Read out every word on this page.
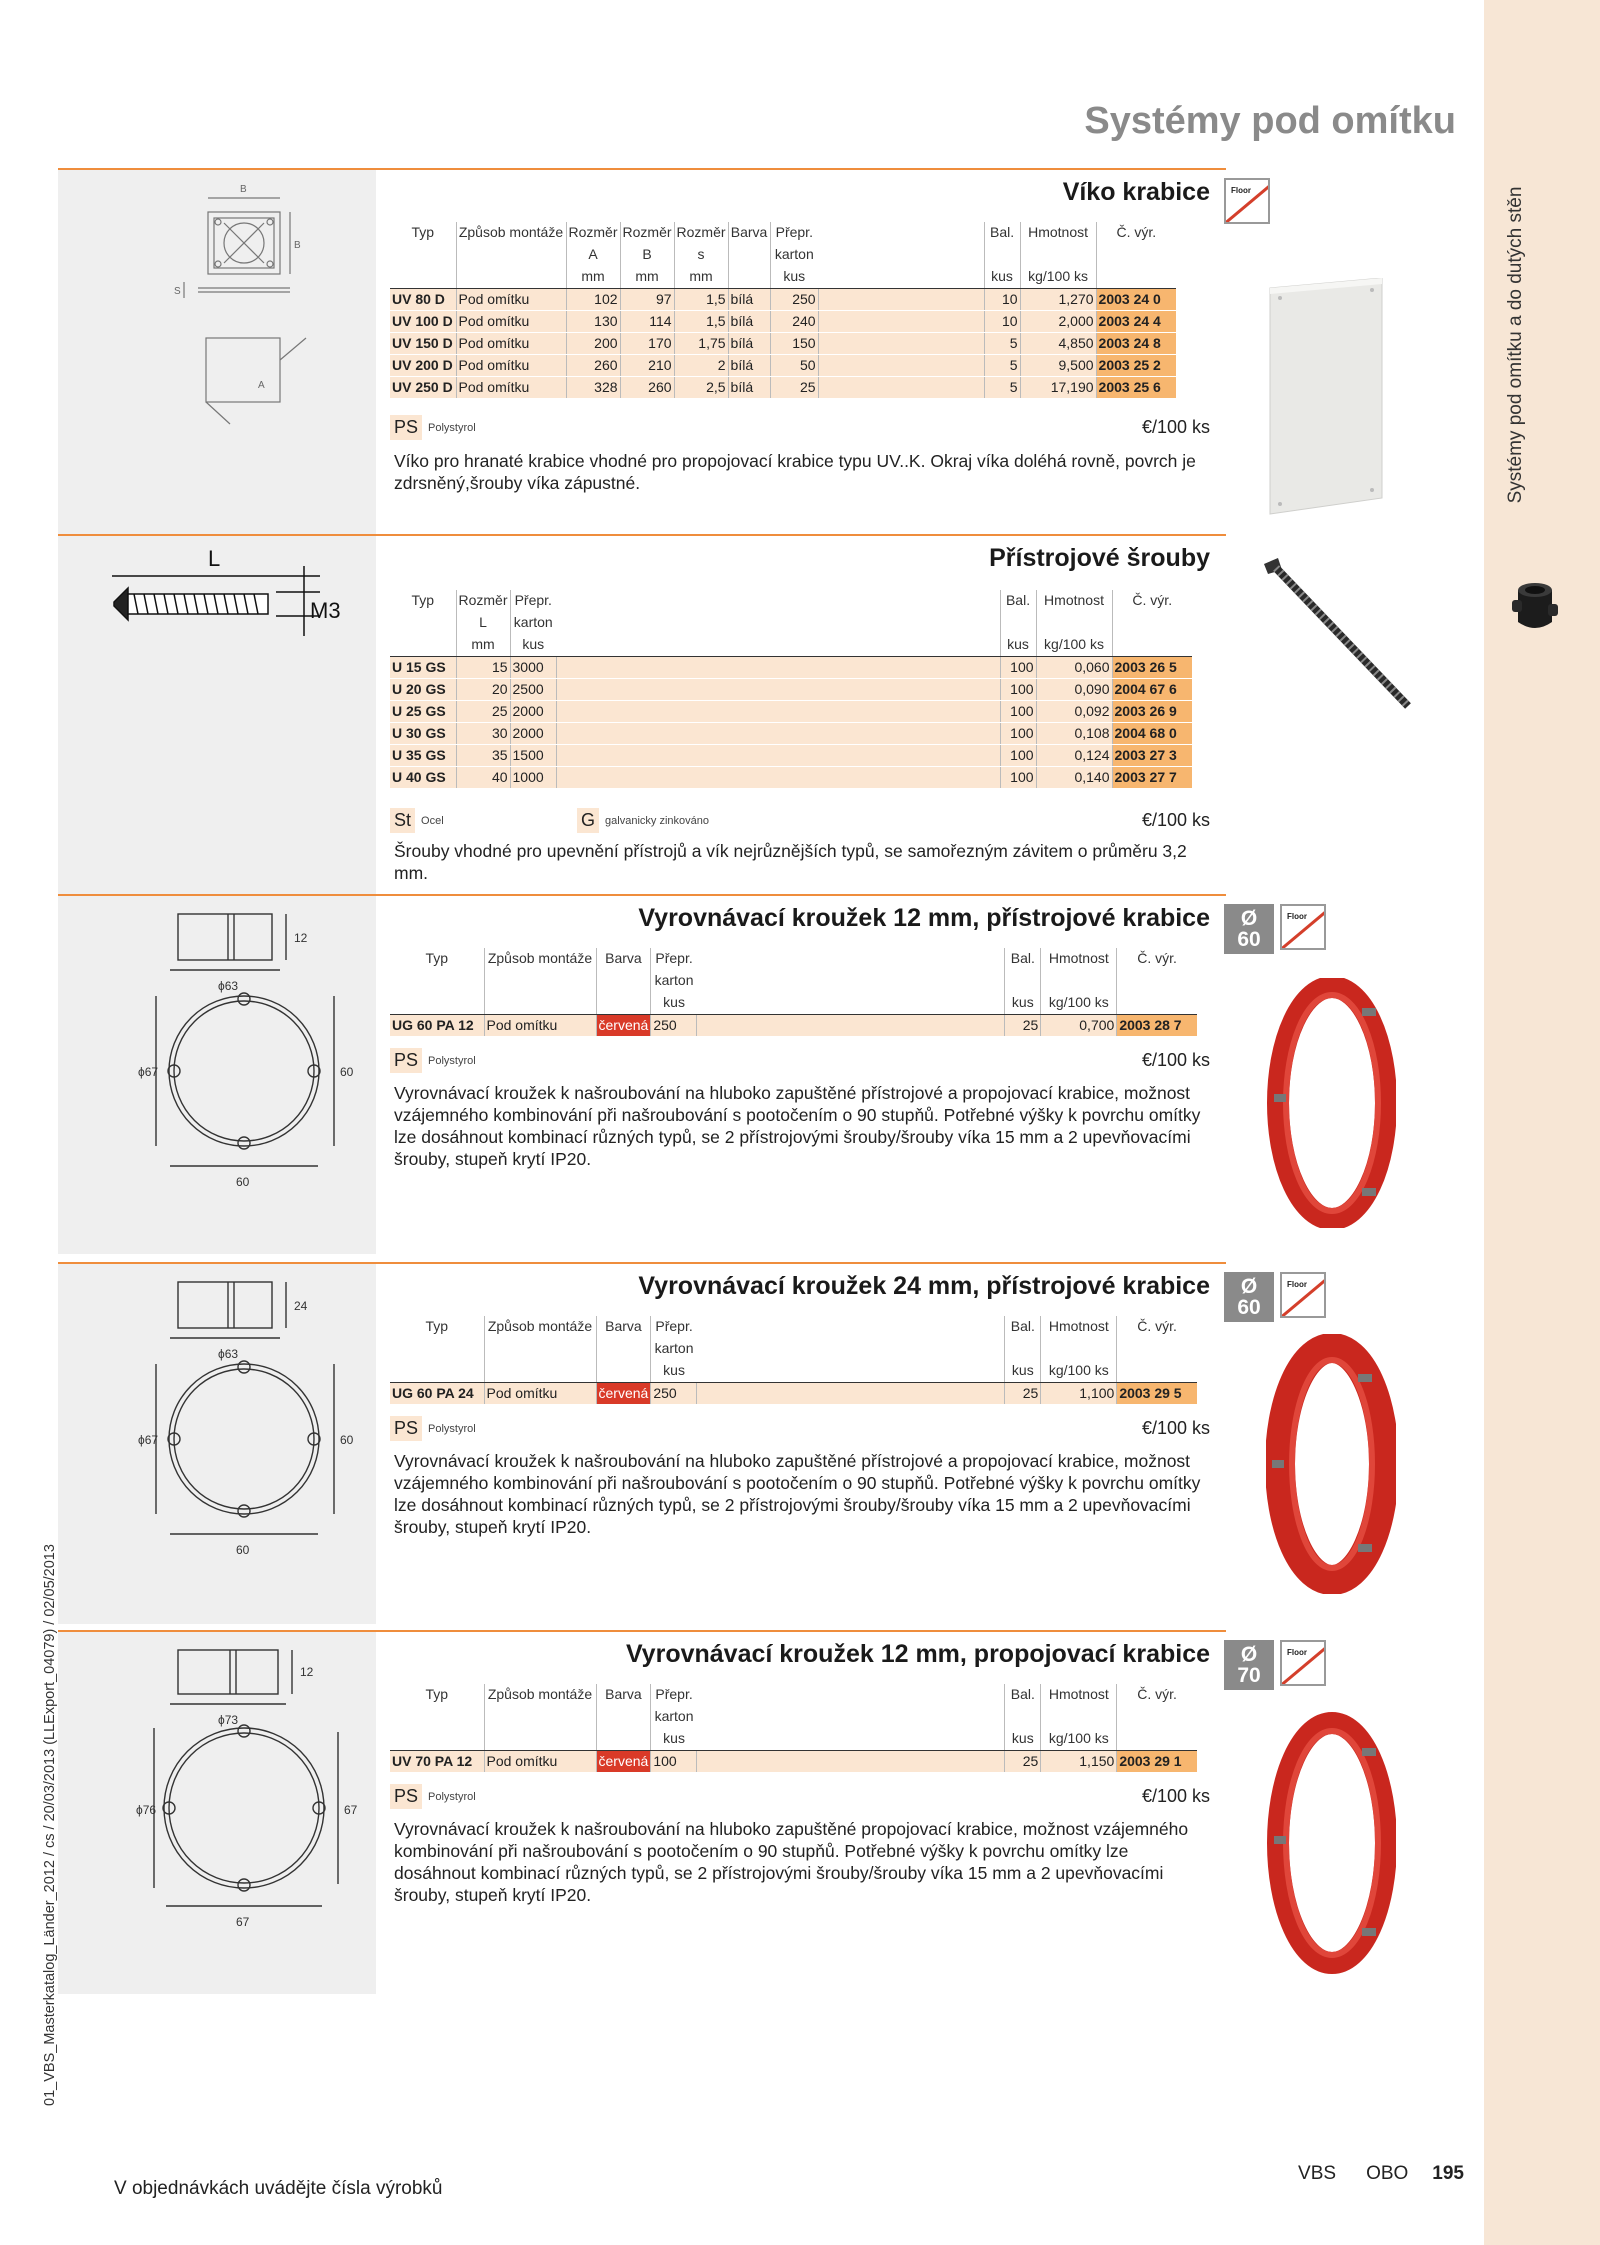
Systémy pod omítku a do dutých stěn
Systémy pod omítku
01_VBS_Masterkatalog_Länder_2012 / cs / 20/03/2013 (LLExport_04079) / 02/05/2013
B
B
S
A
Víko krabice
Typ	Způsob montáže	Rozměr	Rozměr	Rozměr	Barva	Přepr.		Bal.	Hmotnost	Č. výr.
		A	B	s		karton				
		mm	mm	mm		kus		kus	kg/100 ks	
UV 80 D	Pod omítku	102	97	1,5	bílá	250		10	1,270	2003 24 0
UV 100 D	Pod omítku	130	114	1,5	bílá	240		10	2,000	2003 24 4
UV 150 D	Pod omítku	200	170	1,75	bílá	150		5	4,850	2003 24 8
UV 200 D	Pod omítku	260	210	2	bílá	50		5	9,500	2003 25 2
UV 250 D	Pod omítku	328	260	2,5	bílá	25		5	17,190	2003 25 6
PS Polystyrol	€/100 ks
Víko pro hranaté krabice vhodné pro propojovací krabice typu UV..K. Okraj víka doléhá rovně, povrch je zdrsněný,šrouby víka zápustné.
Floor
L
M3
Přístrojové šrouby
Typ	Rozměr	Přepr.		Bal.	Hmotnost	Č. výr.
	L	karton				
	mm	kus		kus	kg/100 ks	
U 15 GS	15	3000		100	0,060	2003 26 5
U 20 GS	20	2500		100	0,090	2004 67 6
U 25 GS	25	2000		100	0,092	2003 26 9
U 30 GS	30	2000		100	0,108	2004 68 0
U 35 GS	35	1500		100	0,124	2003 27 3
U 40 GS	40	1000		100	0,140	2003 27 7
St Ocel	G galvanicky zinkováno	€/100 ks
Šrouby vhodné pro upevnění přístrojů a vík nejrůznějších typů, se samořezným závitem o průměru 3,2 mm.
ϕ63
12
ϕ67	60
60
Vyrovnávací kroužek 12 mm, přístrojové krabice
Typ	Způsob montáže	Barva	Přepr.		Bal.	Hmotnost	Č. výr.
			karton				
			kus		kus	kg/100 ks	
UG 60 PA 12	Pod omítku	červená	250		25	0,700	2003 28 7
PS Polystyrol	€/100 ks
Vyrovnávací kroužek k našroubování na hluboko zapuštěné přístrojové a propojovací krabice, možnost vzájemného kombinování při našroubování s pootočením o 90 stupňů. Potřebné výšky k povrchu omítky lze dosáhnout kombinací různých typů, se 2 přístrojovými šrouby/šrouby víka 15 mm a 2 upevňovacími šrouby, stupeň krytí IP20.
Ø
60
Floor
ϕ63
24
ϕ67	60
60
Vyrovnávací kroužek 24 mm, přístrojové krabice
Typ	Způsob montáže	Barva	Přepr.		Bal.	Hmotnost	Č. výr.
			karton				
			kus		kus	kg/100 ks	
UG 60 PA 24	Pod omítku	červená	250		25	1,100	2003 29 5
PS Polystyrol	€/100 ks
Vyrovnávací kroužek k našroubování na hluboko zapuštěné přístrojové a propojovací krabice, možnost vzájemného kombinování při našroubování s pootočením o 90 stupňů. Potřebné výšky k povrchu omítky lze dosáhnout kombinací různých typů, se 2 přístrojovými šrouby/šrouby víka 15 mm a 2 upevňovacími šrouby, stupeň krytí IP20.
Ø
60
Floor
ϕ73
12
ϕ76	67
67
Vyrovnávací kroužek 12 mm, propojovací krabice
Typ	Způsob montáže	Barva	Přepr.		Bal.	Hmotnost	Č. výr.
			karton				
			kus		kus	kg/100 ks	
UV 70 PA 12	Pod omítku	červená	100		25	1,150	2003 29 1
PS Polystyrol	€/100 ks
Vyrovnávací kroužek k našroubování na hluboko zapuštěné propojovací krabice, možnost vzájemného kombinování při našroubování s pootočením o 90 stupňů. Potřebné výšky k povrchu omítky lze dosáhnout kombinací různých typů, se 2 přístrojovými šrouby/šrouby víka 15 mm a 2 upevňovacími šrouby, stupeň krytí IP20.
Ø
70
Floor
V objednávkách uvádějte čísla výrobků
VBS OBO 195
